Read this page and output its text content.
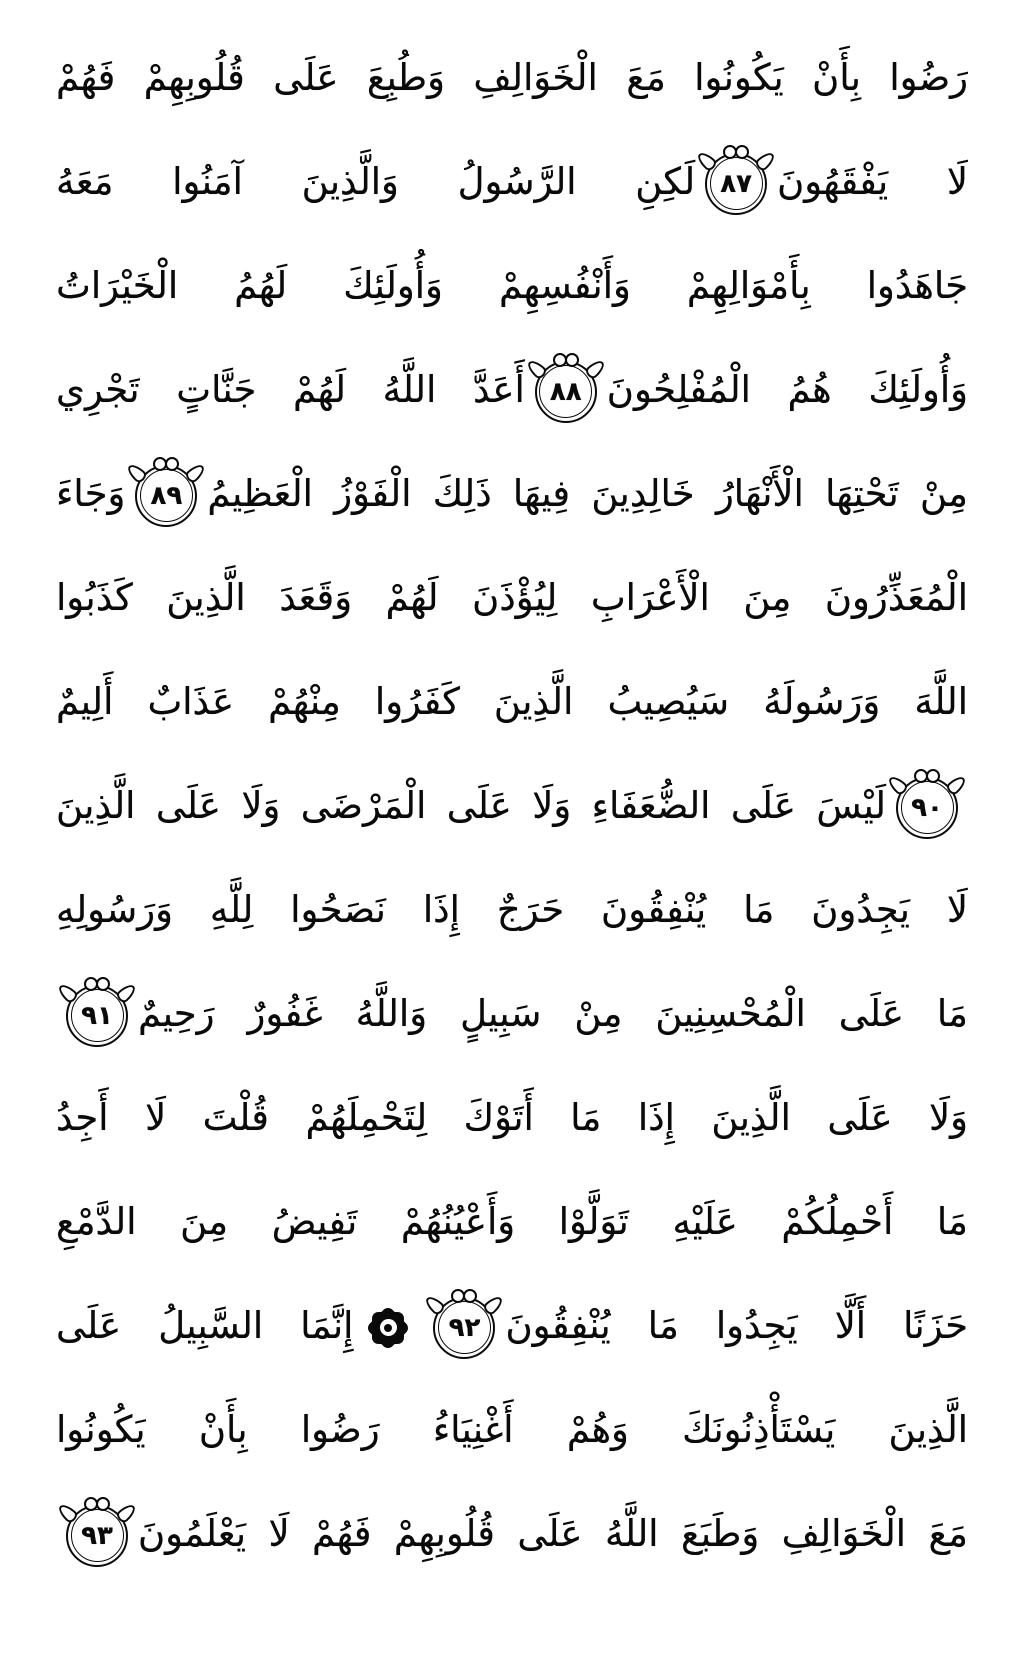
رَضُوا بِأَنْ يَكُونُوا مَعَ الْخَوَالِفِ وَطُبِعَ عَلَى قُلُوبِهِمْ فَهُمْ
لَا يَفْقَهُونَ
٨٧
لَكِنِ الرَّسُولُ وَالَّذِينَ آمَنُوا مَعَهُ
جَاهَدُوا بِأَمْوَالِهِمْ وَأَنْفُسِهِمْ وَأُولَئِكَ لَهُمُ الْخَيْرَاتُ
وَأُولَئِكَ هُمُ الْمُفْلِحُونَ
٨٨
أَعَدَّ اللَّهُ لَهُمْ جَنَّاتٍ تَجْرِي
مِنْ تَحْتِهَا الْأَنْهَارُ خَالِدِينَ فِيهَا ذَلِكَ الْفَوْزُ الْعَظِيمُ
٨٩
وَجَاءَ
الْمُعَذِّرُونَ مِنَ الْأَعْرَابِ لِيُؤْذَنَ لَهُمْ وَقَعَدَ الَّذِينَ كَذَبُوا
اللَّهَ وَرَسُولَهُ سَيُصِيبُ الَّذِينَ كَفَرُوا مِنْهُمْ عَذَابٌ أَلِيمٌ
٩٠
لَيْسَ عَلَى الضُّعَفَاءِ وَلَا عَلَى الْمَرْضَى وَلَا عَلَى الَّذِينَ
لَا يَجِدُونَ مَا يُنْفِقُونَ حَرَجٌ إِذَا نَصَحُوا لِلَّهِ وَرَسُولِهِ
مَا عَلَى الْمُحْسِنِينَ مِنْ سَبِيلٍ وَاللَّهُ غَفُورٌ رَحِيمٌ
٩١
وَلَا عَلَى الَّذِينَ إِذَا مَا أَتَوْكَ لِتَحْمِلَهُمْ قُلْتَ لَا أَجِدُ
مَا أَحْمِلُكُمْ عَلَيْهِ تَوَلَّوْا وَأَعْيُنُهُمْ تَفِيضُ مِنَ الدَّمْعِ
حَزَنًا أَلَّا يَجِدُوا مَا يُنْفِقُونَ
٩٢
إِنَّمَا السَّبِيلُ عَلَى
الَّذِينَ يَسْتَأْذِنُونَكَ وَهُمْ أَغْنِيَاءُ رَضُوا بِأَنْ يَكُونُوا
مَعَ الْخَوَالِفِ وَطَبَعَ اللَّهُ عَلَى قُلُوبِهِمْ فَهُمْ لَا يَعْلَمُونَ
٩٣
